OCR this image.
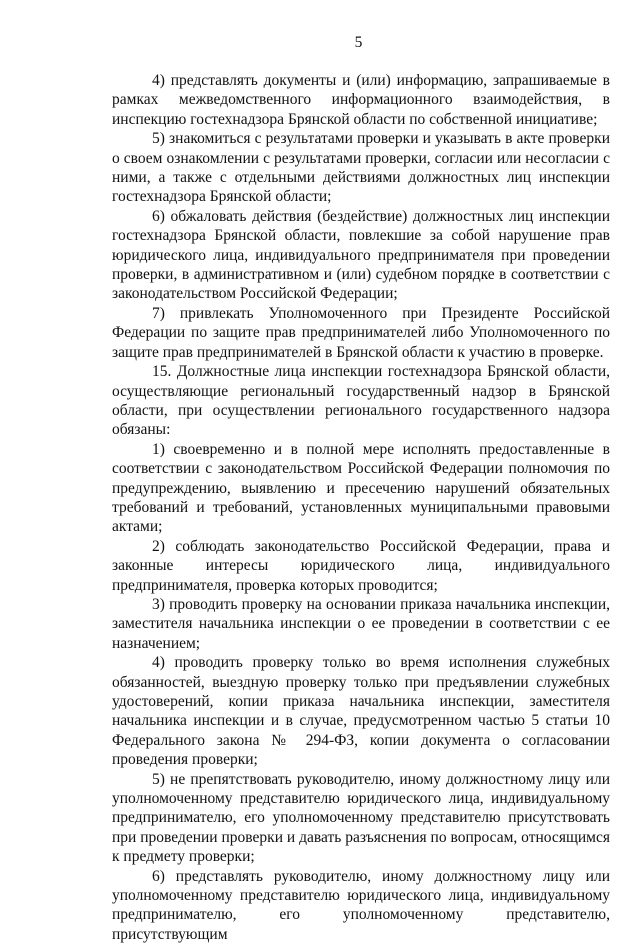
5

4) представлять документы и (или) информацию, запрашиваемые в рамках межведомственного информационного взаимодействия, в инспекцию гостехнадзора Брянской области по собственной инициативе;

5) знакомиться с результатами проверки и указывать в акте проверки о своем ознакомлении с результатами проверки, согласии или несогласии с ними, а также с отдельными действиями должностных лиц инспекции гостехнадзора Брянской области;

6) обжаловать действия (бездействие) должностных лиц инспекции гостехнадзора Брянской области, повлекшие за собой нарушение прав юридического лица, индивидуального предпринимателя при проведении проверки, в административном и (или) судебном порядке в соответствии с законодательством Российской Федерации;

7) привлекать Уполномоченного при Президенте Российской Федерации по защите прав предпринимателей либо Уполномоченного по защите прав предпринимателей в Брянской области к участию в проверке.

15. Должностные лица инспекции гостехнадзора Брянской области, осуществляющие региональный государственный надзор в Брянской области, при осуществлении регионального государственного надзора обязаны:

1) своевременно и в полной мере исполнять предоставленные в соответствии с законодательством Российской Федерации полномочия по предупреждению, выявлению и пресечению нарушений обязательных требований и требований, установленных муниципальными правовыми актами;

2) соблюдать законодательство Российской Федерации, права и законные интересы юридического лица, индивидуального предпринимателя, проверка которых проводится;

3) проводить проверку на основании приказа начальника инспекции, заместителя начальника инспекции о ее проведении в соответствии с ее назначением;

4) проводить проверку только во время исполнения служебных обязанностей, выездную проверку только при предъявлении служебных удостоверений, копии приказа начальника инспекции, заместителя начальника инспекции и в случае, предусмотренном частью 5 статьи 10 Федерального закона № 294-ФЗ, копии документа о согласовании проведения проверки;

5) не препятствовать руководителю, иному должностному лицу или уполномоченному представителю юридического лица, индивидуальному предпринимателю, его уполномоченному представителю присутствовать при проведении проверки и давать разъяснения по вопросам, относящимся к предмету проверки;

6) представлять руководителю, иному должностному лицу или уполномоченному представителю юридического лица, индивидуальному предпринимателю, его уполномоченному представителю, присутствующим
